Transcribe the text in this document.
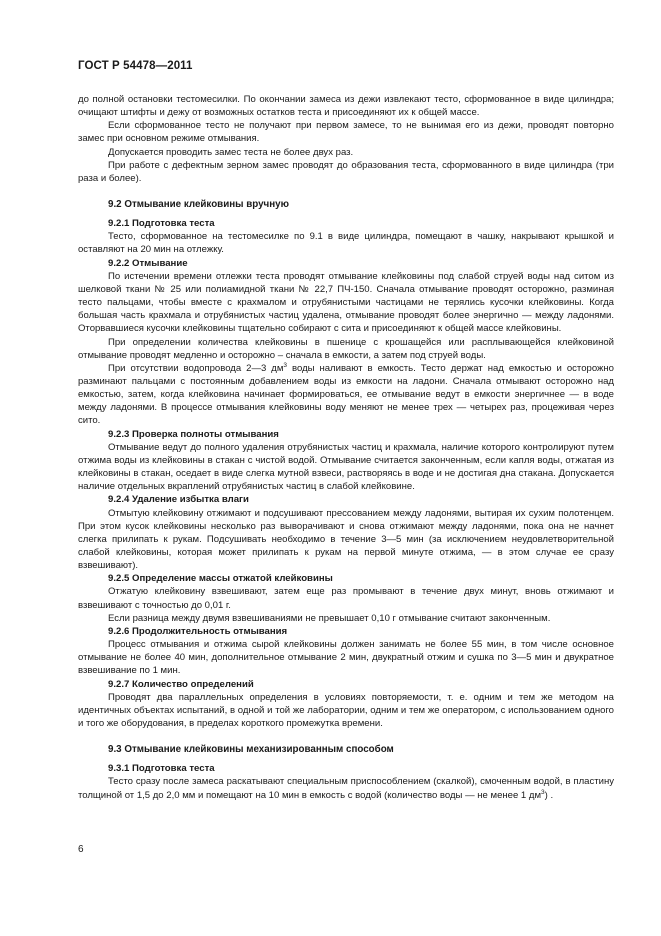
ГОСТ Р 54478—2011

до полной остановки тестомесилки. По окончании замеса из дежи извлекают тесто, сформованное в виде цилиндра; очищают штифты и дежу от возможных остатков теста и присоединяют их к общей массе.

Если сформованное тесто не получают при первом замесе, то не вынимая его из дежи, проводят повторно замес при основном режиме отмывания.

Допускается проводить замес теста не более двух раз.

При работе с дефектным зерном замес проводят до образования теста, сформованного в виде цилиндра (три раза и более).

9.2 Отмывание клейковины вручную
9.2.1 Подготовка теста

Тесто, сформованное на тестомесилке по 9.1 в виде цилиндра, помещают в чашку, накрывают крышкой и оставляют на 20 мин на отлежку.

9.2.2 Отмывание

По истечении времени отлежки теста проводят отмывание клейковины под слабой струей воды над ситом из шелковой ткани № 25 или полиамидной ткани № 22,7 ПЧ-150. Сначала отмывание проводят осторожно, разминая тесто пальцами, чтобы вместе с крахмалом и отрубянистыми частицами не терялись кусочки клейковины. Когда большая часть крахмала и отрубянистых частиц удалена, отмывание проводят более энергично — между ладонями. Оторвавшиеся кусочки клейковины тщательно собирают с сита и присоединяют к общей массе клейковины.

При определении количества клейковины в пшенице с крошащейся или расплывающейся клейковиной отмывание проводят медленно и осторожно – сначала в емкости, а затем под струей воды.

При отсутствии водопровода 2—3 $дм^3$ воды наливают в емкость. Тесто держат над емкостью и осторожно разминают пальцами с постоянным добавлением воды из емкости на ладони. Сначала отмывают осторожно над емкостью, затем, когда клейковина начинает формироваться, ее отмывание ведут в емкости энергичнее — в воде между ладонями. В процессе отмывания клейковины воду меняют не менее трех — четырех раз, процеживая через сито.

9.2.3 Проверка полноты отмывания

Отмывание ведут до полного удаления отрубянистых частиц и крахмала, наличие которого контролируют путем отжима воды из клейковины в стакан с чистой водой. Отмывание считается законченным, если капля воды, отжатая из клейковины в стакан, оседает в виде слегка мутной взвеси, растворяясь в воде и не достигая дна стакана. Допускается наличие отдельных вкраплений отрубянистых частиц в слабой клейковине.

9.2.4 Удаление избытка влаги

Отмытую клейковину отжимают и подсушивают прессованием между ладонями, вытирая их сухим полотенцем. При этом кусок клейковины несколько раз выворачивают и снова отжимают между ладонями, пока она не начнет слегка прилипать к рукам. Подсушивать необходимо в течение 3—5 мин (за исключением неудовлетворительной слабой клейковины, которая может прилипать к рукам на первой минуте отжима, — в этом случае ее сразу взвешивают).

9.2.5 Определение массы отжатой клейковины

Отжатую клейковину взвешивают, затем еще раз промывают в течение двух минут, вновь отжимают и взвешивают с точностью до 0,01 г.

Если разница между двумя взвешиваниями не превышает 0,10 г отмывание считают законченным.

9.2.6 Продолжительность отмывания

Процесс отмывания и отжима сырой клейковины должен занимать не более 55 мин, в том числе основное отмывание не более 40 мин, дополнительное отмывание 2 мин, двукратный отжим и сушка по 3—5 мин и двукратное взвешивание по 1 мин.

9.2.7 Количество определений

Проводят два параллельных определения в условиях повторяемости, т. е. одним и тем же методом на идентичных объектах испытаний, в одной и той же лаборатории, одним и тем же оператором, с использованием одного и того же оборудования, в пределах короткого промежутка времени.

9.3 Отмывание клейковины механизированным способом
9.3.1 Подготовка теста

Тесто сразу после замеса раскатывают специальным приспособлением (скалкой), смоченным водой, в пластину толщиной от 1,5 до 2,0 мм и помещают на 10 мин в емкость с водой (количество воды — не менее 1 $дм^3$) .

6
